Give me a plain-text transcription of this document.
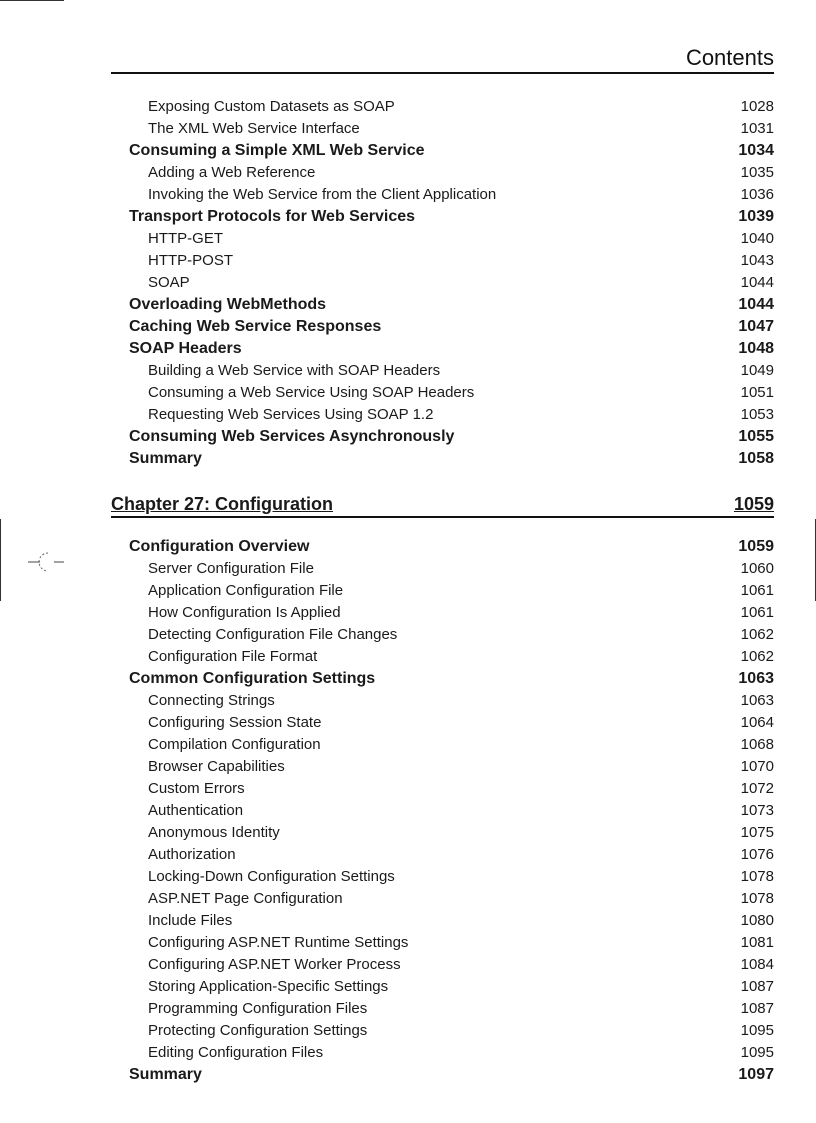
Contents
Exposing Custom Datasets as SOAP	1028
The XML Web Service Interface	1031
Consuming a Simple XML Web Service	1034
Adding a Web Reference	1035
Invoking the Web Service from the Client Application	1036
Transport Protocols for Web Services	1039
HTTP-GET	1040
HTTP-POST	1043
SOAP	1044
Overloading WebMethods	1044
Caching Web Service Responses	1047
SOAP Headers	1048
Building a Web Service with SOAP Headers	1049
Consuming a Web Service Using SOAP Headers	1051
Requesting Web Services Using SOAP 1.2	1053
Consuming Web Services Asynchronously	1055
Summary	1058
Chapter 27: Configuration	1059
Configuration Overview	1059
Server Configuration File	1060
Application Configuration File	1061
How Configuration Is Applied	1061
Detecting Configuration File Changes	1062
Configuration File Format	1062
Common Configuration Settings	1063
Connecting Strings	1063
Configuring Session State	1064
Compilation Configuration	1068
Browser Capabilities	1070
Custom Errors	1072
Authentication	1073
Anonymous Identity	1075
Authorization	1076
Locking-Down Configuration Settings	1078
ASP.NET Page Configuration	1078
Include Files	1080
Configuring ASP.NET Runtime Settings	1081
Configuring ASP.NET Worker Process	1084
Storing Application-Specific Settings	1087
Programming Configuration Files	1087
Protecting Configuration Settings	1095
Editing Configuration Files	1095
Summary	1097
